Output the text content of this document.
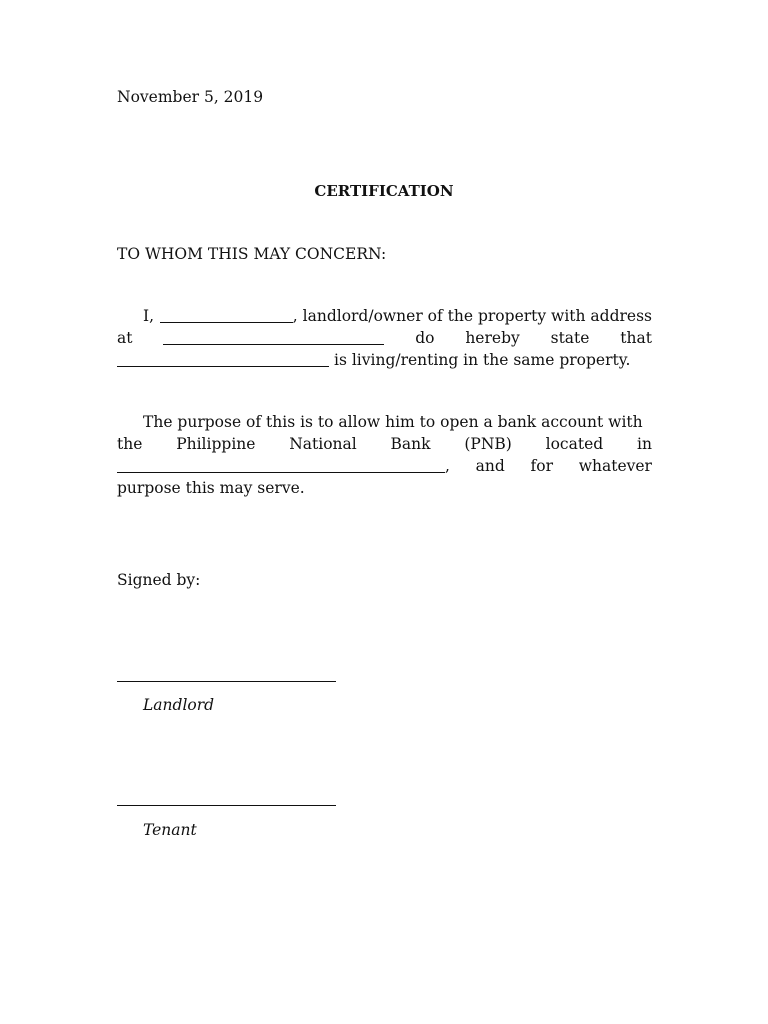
November 5, 2019

CERTIFICATION

TO WHOM THIS MAY CONCERN:

I,	, landlord/owner of the property with address
at	do hereby state that
is living/renting in the same property.
The purpose of this is to allow him to open a bank account with
the Philippine National Bank (PNB) located in
, and for whatever
purpose this may serve.

Signed by:

Landlord

Tenant
